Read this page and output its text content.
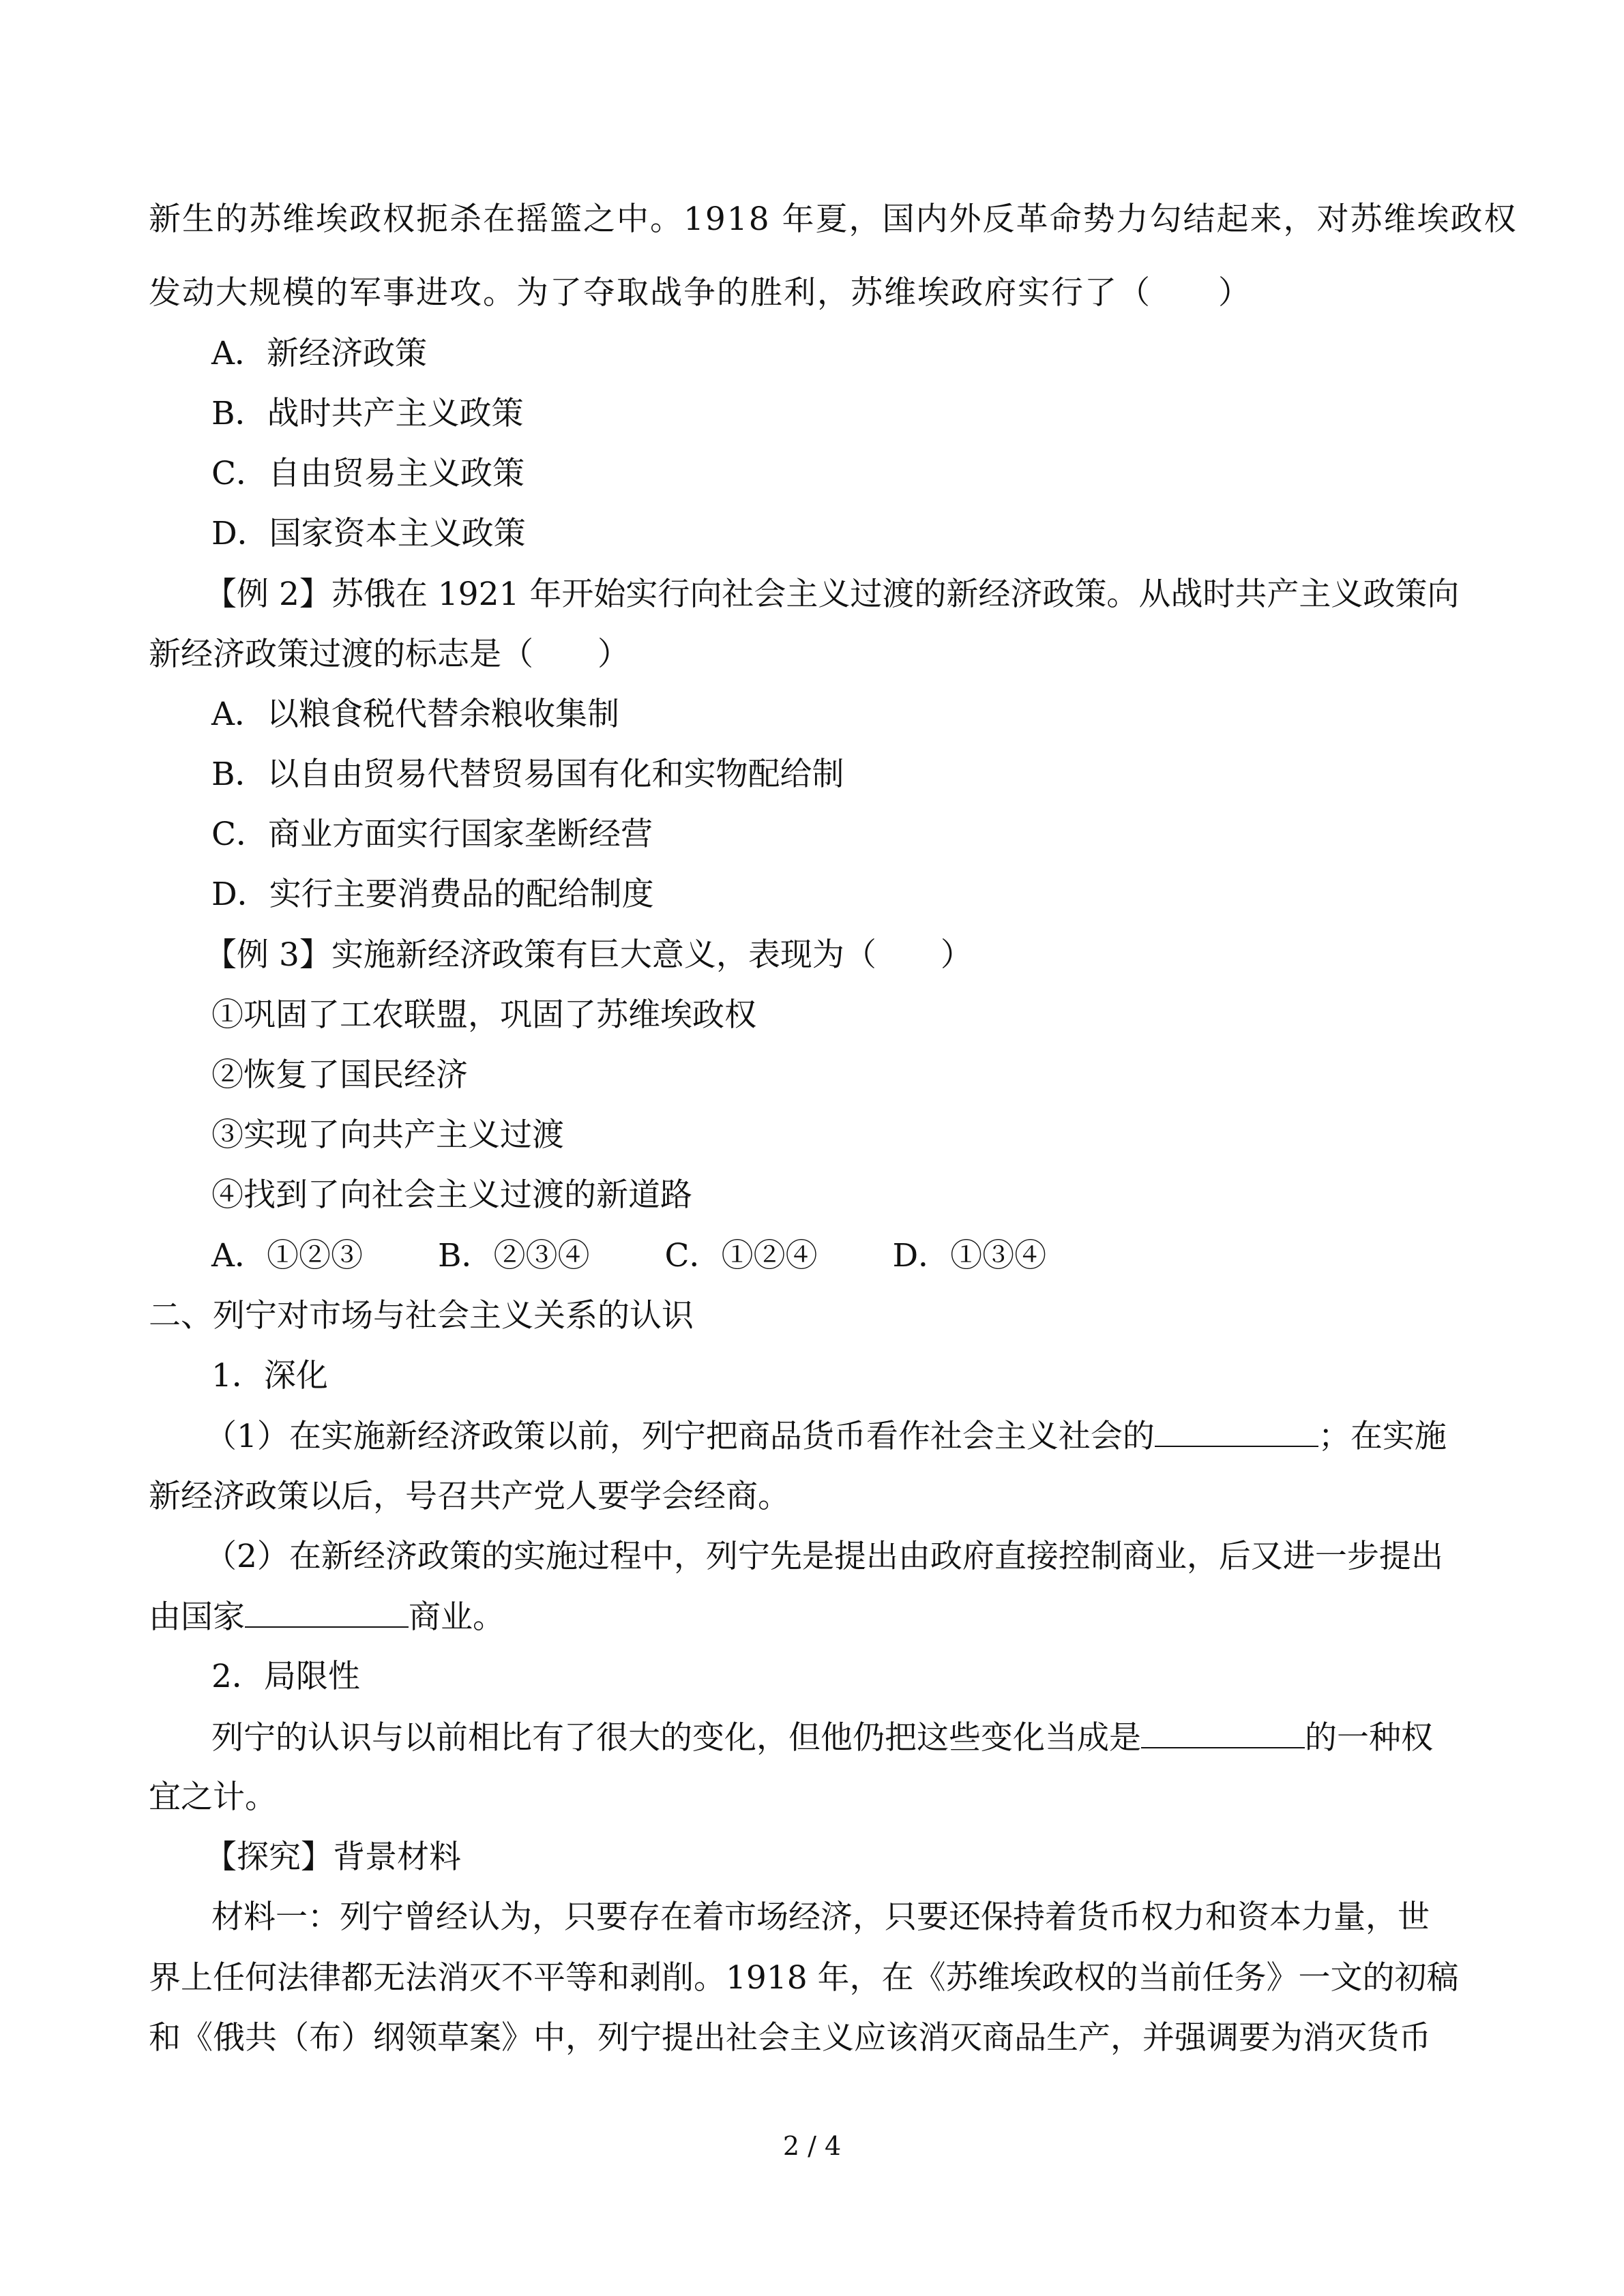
新生的苏维埃政权扼杀在摇篮之中。1918 年夏，国内外反革命势力勾结起来，对苏维埃政权
发动大规模的军事进攻。为了夺取战争的胜利，苏维埃政府实行了（　　）
A．新经济政策
B．战时共产主义政策
C．自由贸易主义政策
D．国家资本主义政策
【例 2】苏俄在 1921 年开始实行向社会主义过渡的新经济政策。从战时共产主义政策向
新经济政策过渡的标志是（　　）
A．以粮食税代替余粮收集制
B．以自由贸易代替贸易国有化和实物配给制
C．商业方面实行国家垄断经营
D．实行主要消费品的配给制度
【例 3】实施新经济政策有巨大意义，表现为（　　）
①巩固了工农联盟，巩固了苏维埃政权
②恢复了国民经济
③实现了向共产主义过渡
④找到了向社会主义过渡的新道路
A．①②③ B．②③④ C．①②④ D．①③④
二、列宁对市场与社会主义关系的认识
1．深化
（1）在实施新经济政策以前，列宁把商品货币看作社会主义社会的	；在实施
新经济政策以后，号召共产党人要学会经商。
（2）在新经济政策的实施过程中，列宁先是提出由政府直接控制商业，后又进一步提出
由国家	商业。
2．局限性
列宁的认识与以前相比有了很大的变化，但他仍把这些变化当成是	的一种权
宜之计。
【探究】背景材料
材料一：列宁曾经认为，只要存在着市场经济，只要还保持着货币权力和资本力量，世
界上任何法律都无法消灭不平等和剥削。1918 年，在《苏维埃政权的当前任务》一文的初稿
和《俄共（布）纲领草案》中，列宁提出社会主义应该消灭商品生产，并强调要为消灭货币
2 / 4
